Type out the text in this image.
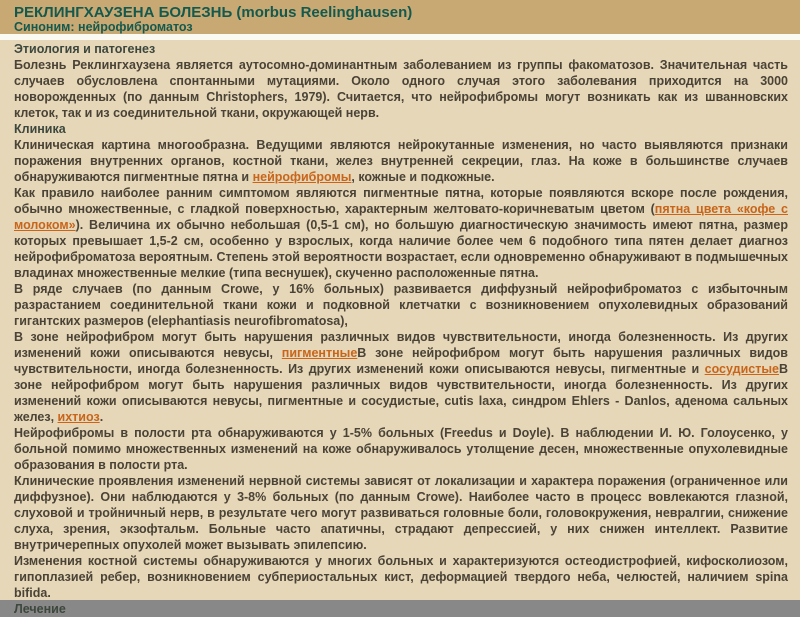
РЕКЛИНГХАУЗЕНА БОЛЕЗНЬ (morbus Reelinghausen)
Синоним: нейрофиброматоз

Этиология и патогенез

Болезнь Реклингхаузена является аутосомно-доминантным заболеванием из группы факоматозов. Значительная часть случаев обусловлена спонтанными мутациями. Около одного случая этого заболевания приходится на 3000 новорожденных (по данным Christophers, 1979). Считается, что нейрофибромы могут возникать как из шванновских клеток, так и из соединительной ткани, окружающей нерв.

Клиника

Клиническая картина многообразна. Ведущими являются нейрокутанные изменения, но часто выявляются признаки поражения внутренних органов, костной ткани, желез внутренней секреции, глаз. На коже в большинстве случаев обнаруживаются пигментные пятна и нейрофибромы, кожные и подкожные.

Как правило наиболее ранним симптомом являются пигментные пятна, которые появляются вскоре после рождения, обычно множественные, с гладкой поверхностью, характерным желтовато-коричневатым цветом (пятна цвета «кофе с молоком»). Величина их обычно небольшая (0,5-1 см), но большую диагностическую значимость имеют пятна, размер которых превышает 1,5-2 см, особенно у взрослых, когда наличие более чем 6 подобного типа пятен делает диагноз нейрофиброматоза вероятным. Степень этой вероятности возрастает, если одновременно обнаруживают в подмышечных владинах множественные мелкие (типа веснушек), скученно расположенные пятна.

В ряде случаев (по данным Crowe, у 16% больных) развивается диффузный нейрофиброматоз с избыточным разрастанием соединительной ткани кожи и подковной клетчатки с возникновением опухолевидных образований гигантских размеров (elephantiasis neurofibromatosa),

В зоне нейрофибром могут быть нарушения различных видов чувствительности, иногда болезненность. Из других изменений кожи описываются невусы, пигментныеВ зоне нейрофибром могут быть нарушения различных видов чувствительности, иногда болезненность. Из других изменений кожи описываются невусы, пигментные и сосудистыеВ зоне нейрофибром могут быть нарушения различных видов чувствительности, иногда болезненность. Из других изменений кожи описываются невусы, пигментные и сосудистые, cutis laxa, синдром Ehlers - Danlos, аденома сальных желез, ихтиоз.

Нейрофибромы в полости рта обнаруживаются у 1-5% больных (Freedus и Doyle). В наблюдении И. Ю. Голоусенко, у больной помимо множественных изменений на коже обнаруживалось утолщение десен, множественные опухолевидные образования в полости рта.

Клинические проявления изменений нервной системы зависят от локализации и характера поражения (ограниченное или диффузное). Они наблюдаются у 3-8% больных (по данным Crowe). Наиболее часто в процесс вовлекаются глазной, слуховой и тройничный нерв, в результате чего могут развиваться головные боли, головокружения, невралгии, снижение слуха, зрения, экзофтальм. Больные часто апатичны, страдают депрессией, у них снижен интеллект. Развитие внутричерепных опухолей может вызывать эпилепсию.

Изменения костной системы обнаруживаются у многих больных и характеризуются остеодистрофией, кифосколиозом, гипоплазией ребер, возникновением субпериостальных кист, деформацией твердого неба, челюстей, наличием spina bifida.

Лечение
